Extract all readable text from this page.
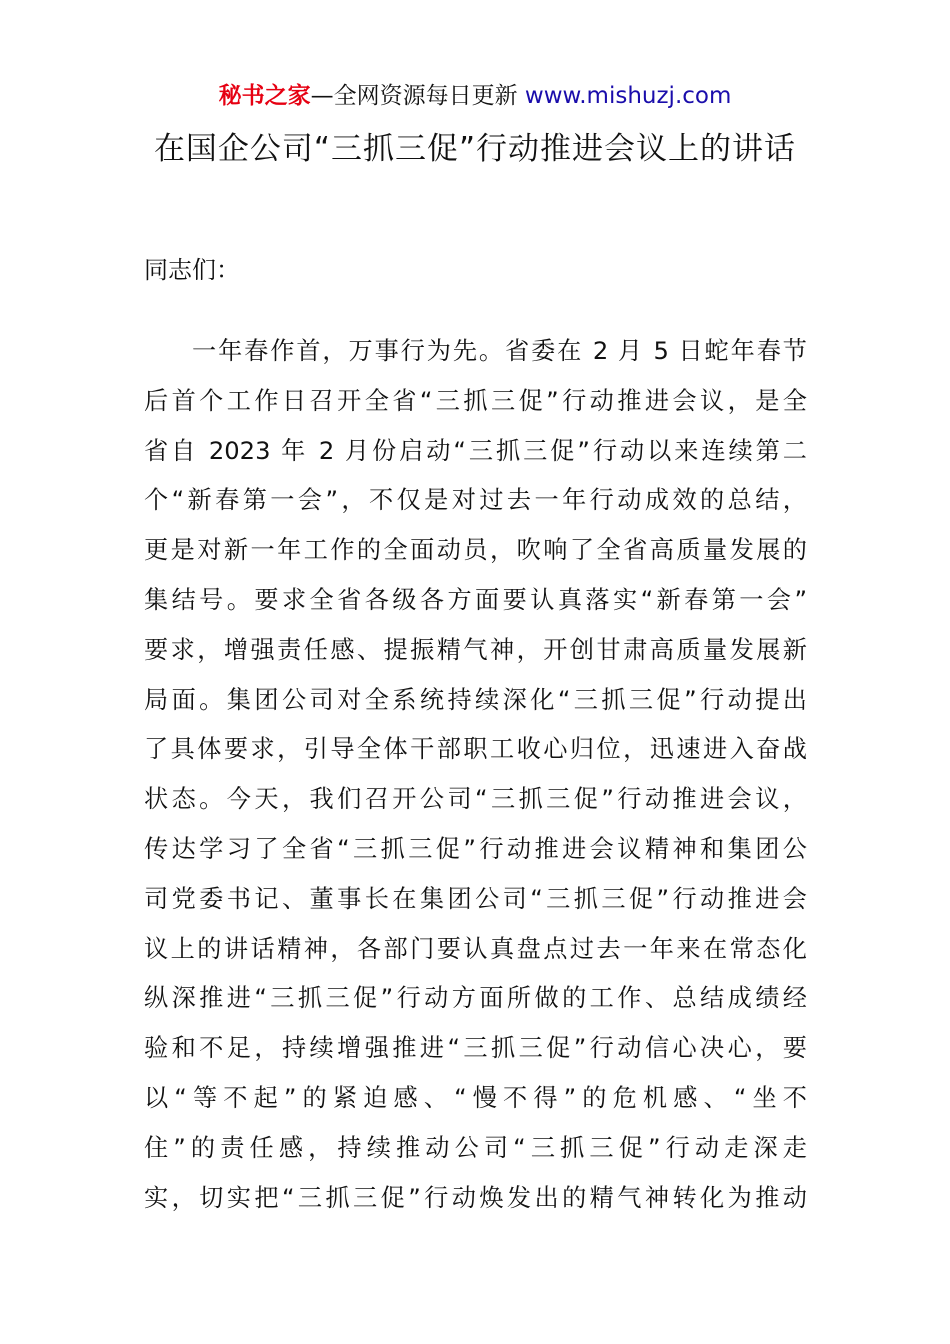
秘书之家—全网资源每日更新 www.mishuzj.com
在国企公司“三抓三促”行动推进会议上的讲话

同志们：

一年春作首，万事行为先。省委在 2 月 5 日蛇年春节
后首个工作日召开全省“三抓三促”行动推进会议，是全
省自 2023 年 2 月份启动“三抓三促”行动以来连续第二
个“新春第一会”，不仅是对过去一年行动成效的总结，
更是对新一年工作的全面动员，吹响了全省高质量发展的
集结号。要求全省各级各方面要认真落实“新春第一会”
要求，增强责任感、提振精气神，开创甘肃高质量发展新
局面。集团公司对全系统持续深化“三抓三促”行动提出
了具体要求，引导全体干部职工收心归位，迅速进入奋战
状态。今天，我们召开公司“三抓三促”行动推进会议，
传达学习了全省“三抓三促”行动推进会议精神和集团公
司党委书记、董事长在集团公司“三抓三促”行动推进会
议上的讲话精神，各部门要认真盘点过去一年来在常态化
纵深推进“三抓三促”行动方面所做的工作、总结成绩经
验和不足，持续增强推进“三抓三促”行动信心决心，要
以“等不起”的紧迫感、“慢不得”的危机感、“坐不
住”的责任感，持续推动公司“三抓三促”行动走深走
实，切实把“三抓三促”行动焕发出的精气神转化为推动
